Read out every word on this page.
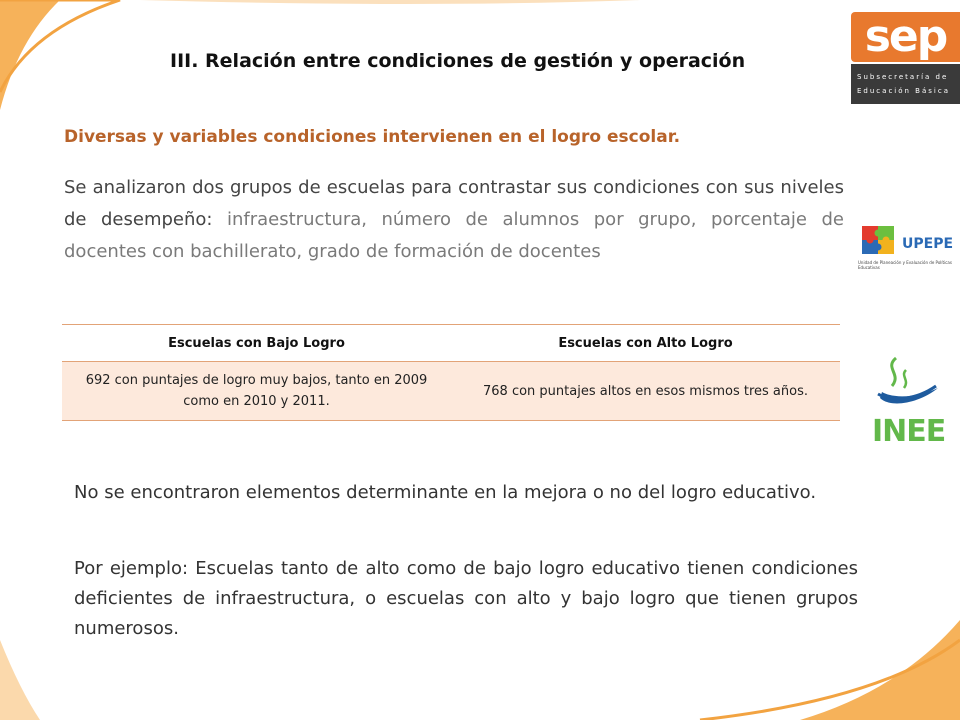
III. Relación entre condiciones de gestión y operación	sep
Subsecretaría de
Educación Básica
Diversas y variables condiciones intervienen en el logro escolar.

Se analizaron dos grupos de escuelas para contrastar sus condiciones con sus niveles de desempeño: infraestructura, número de alumnos por grupo, porcentaje de docentes con bachillerato, grado de formación de docentes	UPEPE
Unidad de Planeación y Evaluación de Políticas Educativas
Escuelas con Bajo Logro	Escuelas con Alto Logro
692 con puntajes de logro muy bajos, tanto en 2009 como en 2010 y 2011.	768 con puntajes altos en esos mismos tres años.
INEE

No se encontraron elementos determinante en la mejora o no del logro educativo.

Por ejemplo: Escuelas tanto de alto como de bajo logro educativo tienen condiciones deficientes de infraestructura, o escuelas con alto y bajo logro que tienen grupos numerosos.
